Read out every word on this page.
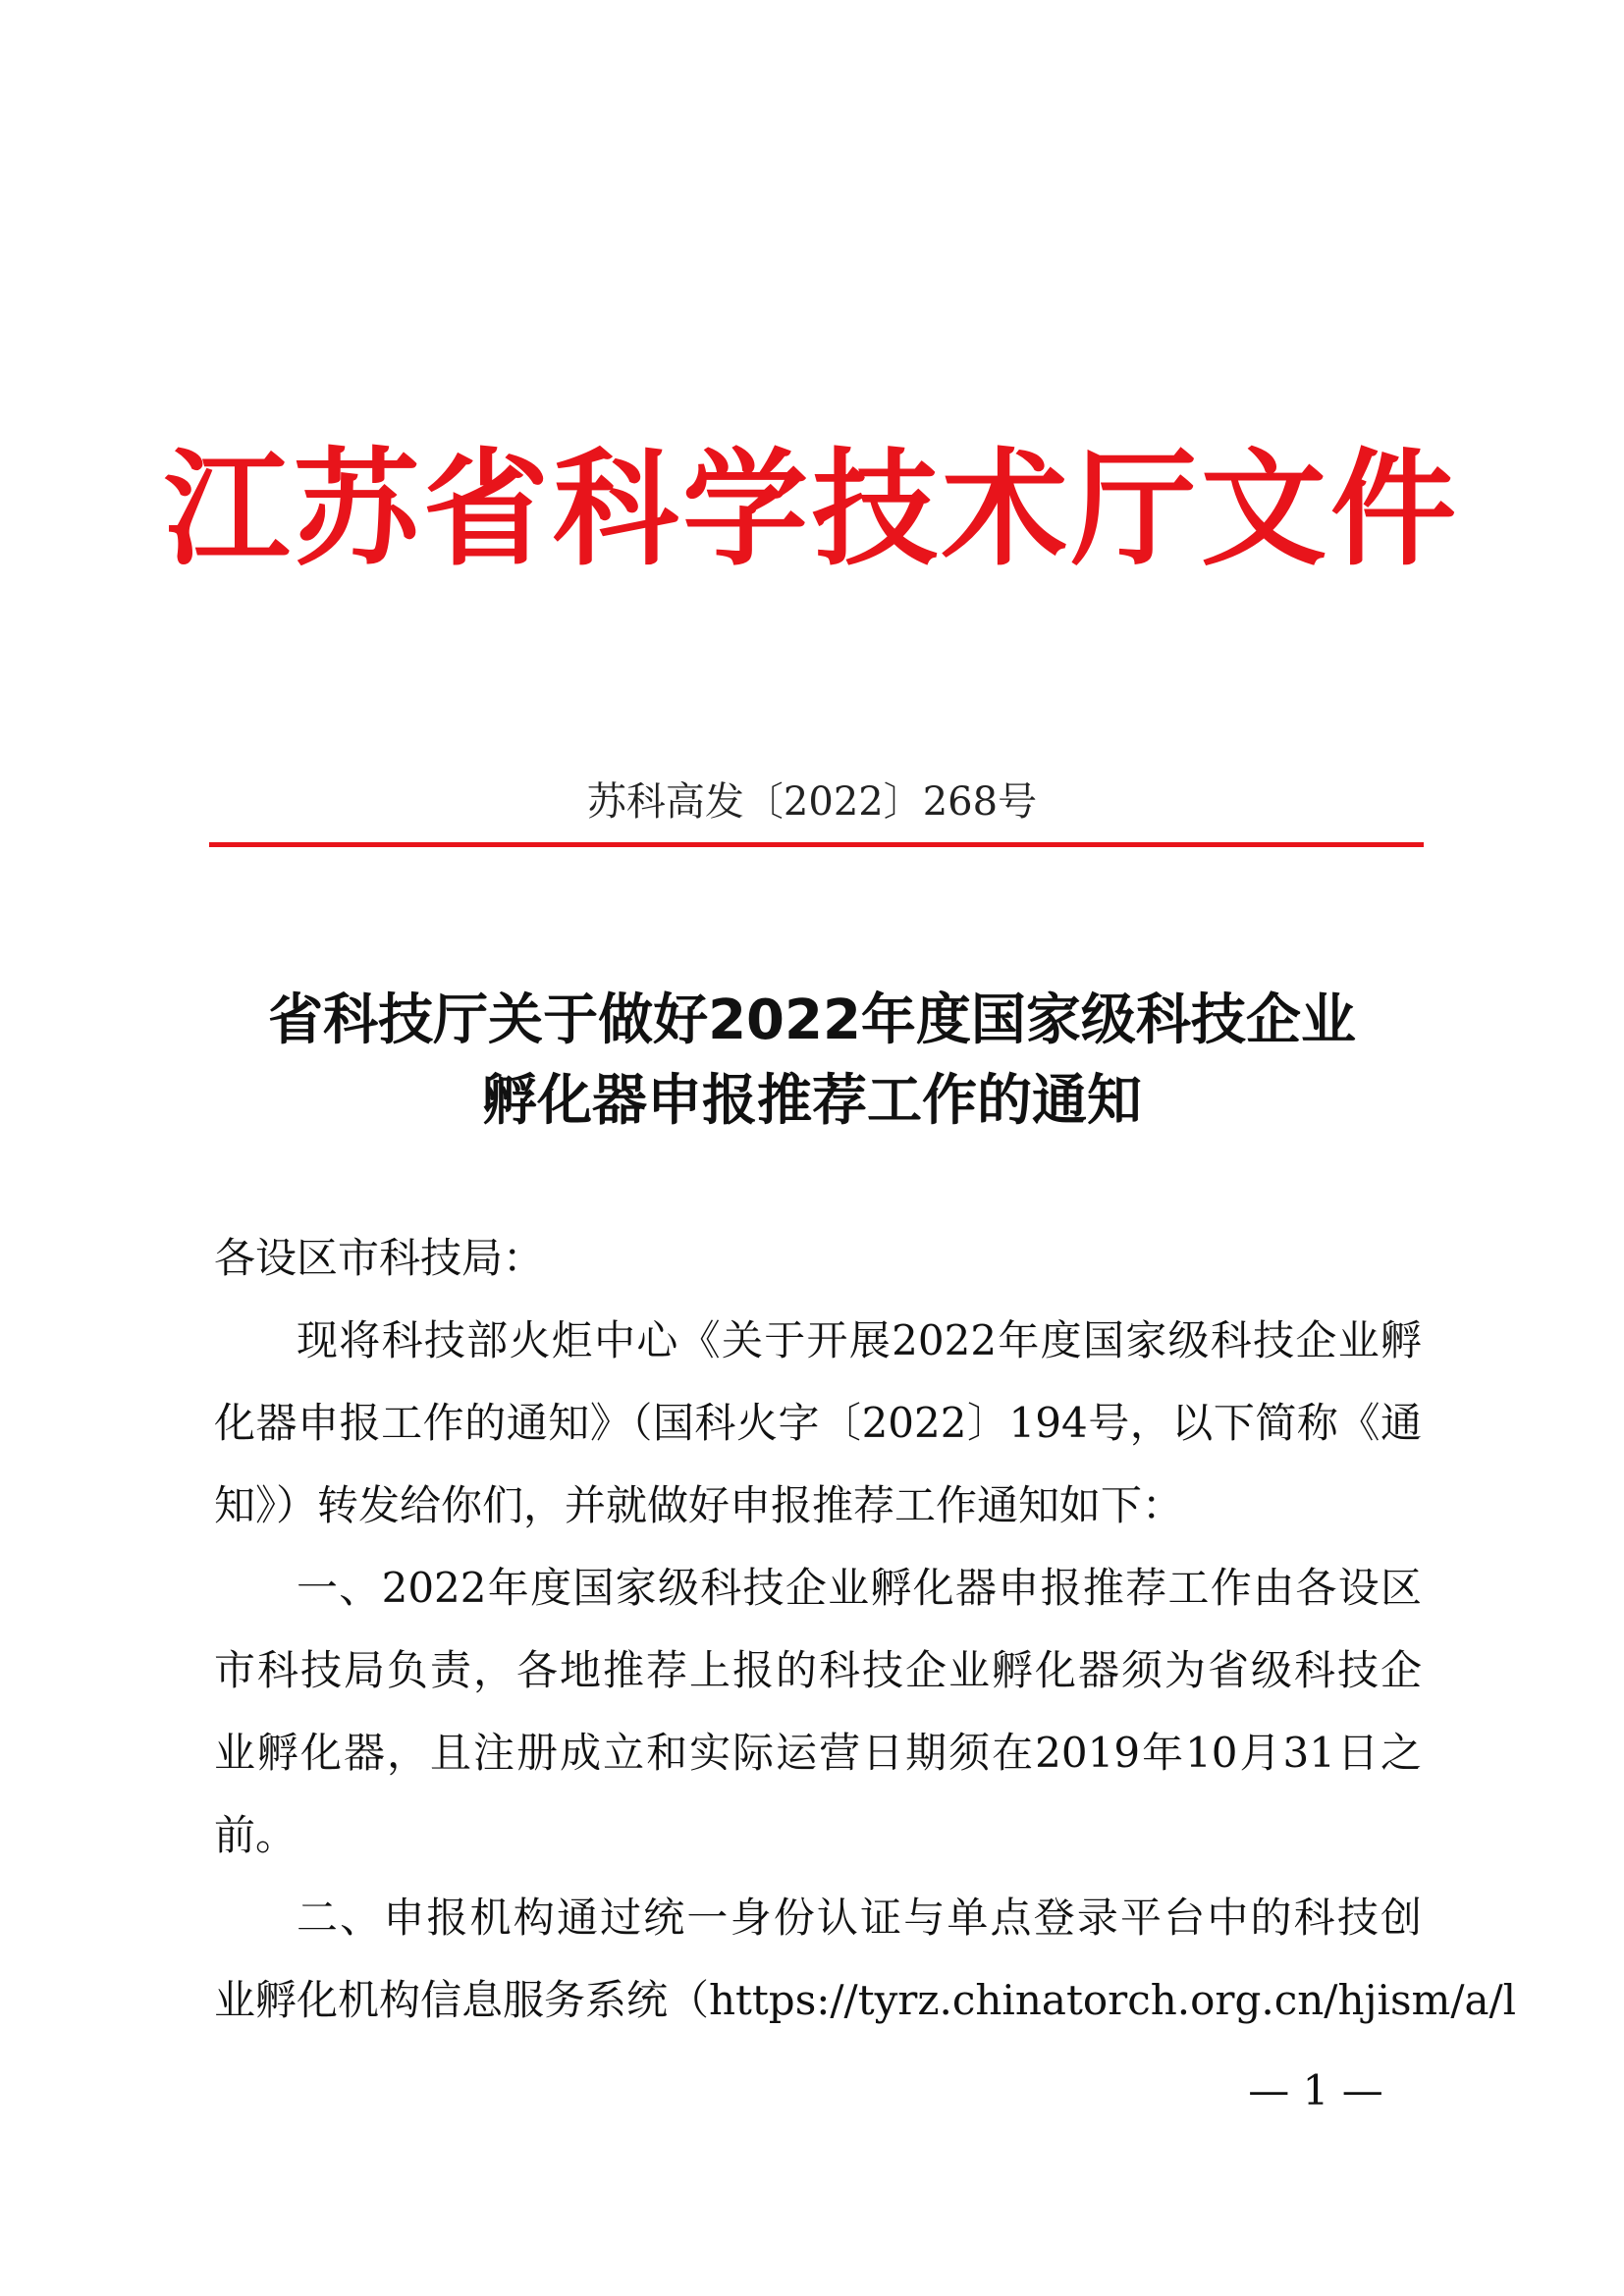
江苏省科学技术厅文件
苏科高发〔2022〕268号
省科技厅关于做好2022年度国家级科技企业
孵化器申报推荐工作的通知
各设区市科技局：
现将科技部火炬中心《关于开展2022年度国家级科技企业孵
化器申报工作的通知》（国科火字〔2022〕194号，以下简称《通
知》）转发给你们，并就做好申报推荐工作通知如下：
一、2022年度国家级科技企业孵化器申报推荐工作由各设区
市科技局负责，各地推荐上报的科技企业孵化器须为省级科技企
业孵化器，且注册成立和实际运营日期须在2019年10月31日之
前。
二、申报机构通过统一身份认证与单点登录平台中的科技创
业孵化机构信息服务系统（https://tyrz.chinatorch.org.cn/hjism/a/l
— 1 —
